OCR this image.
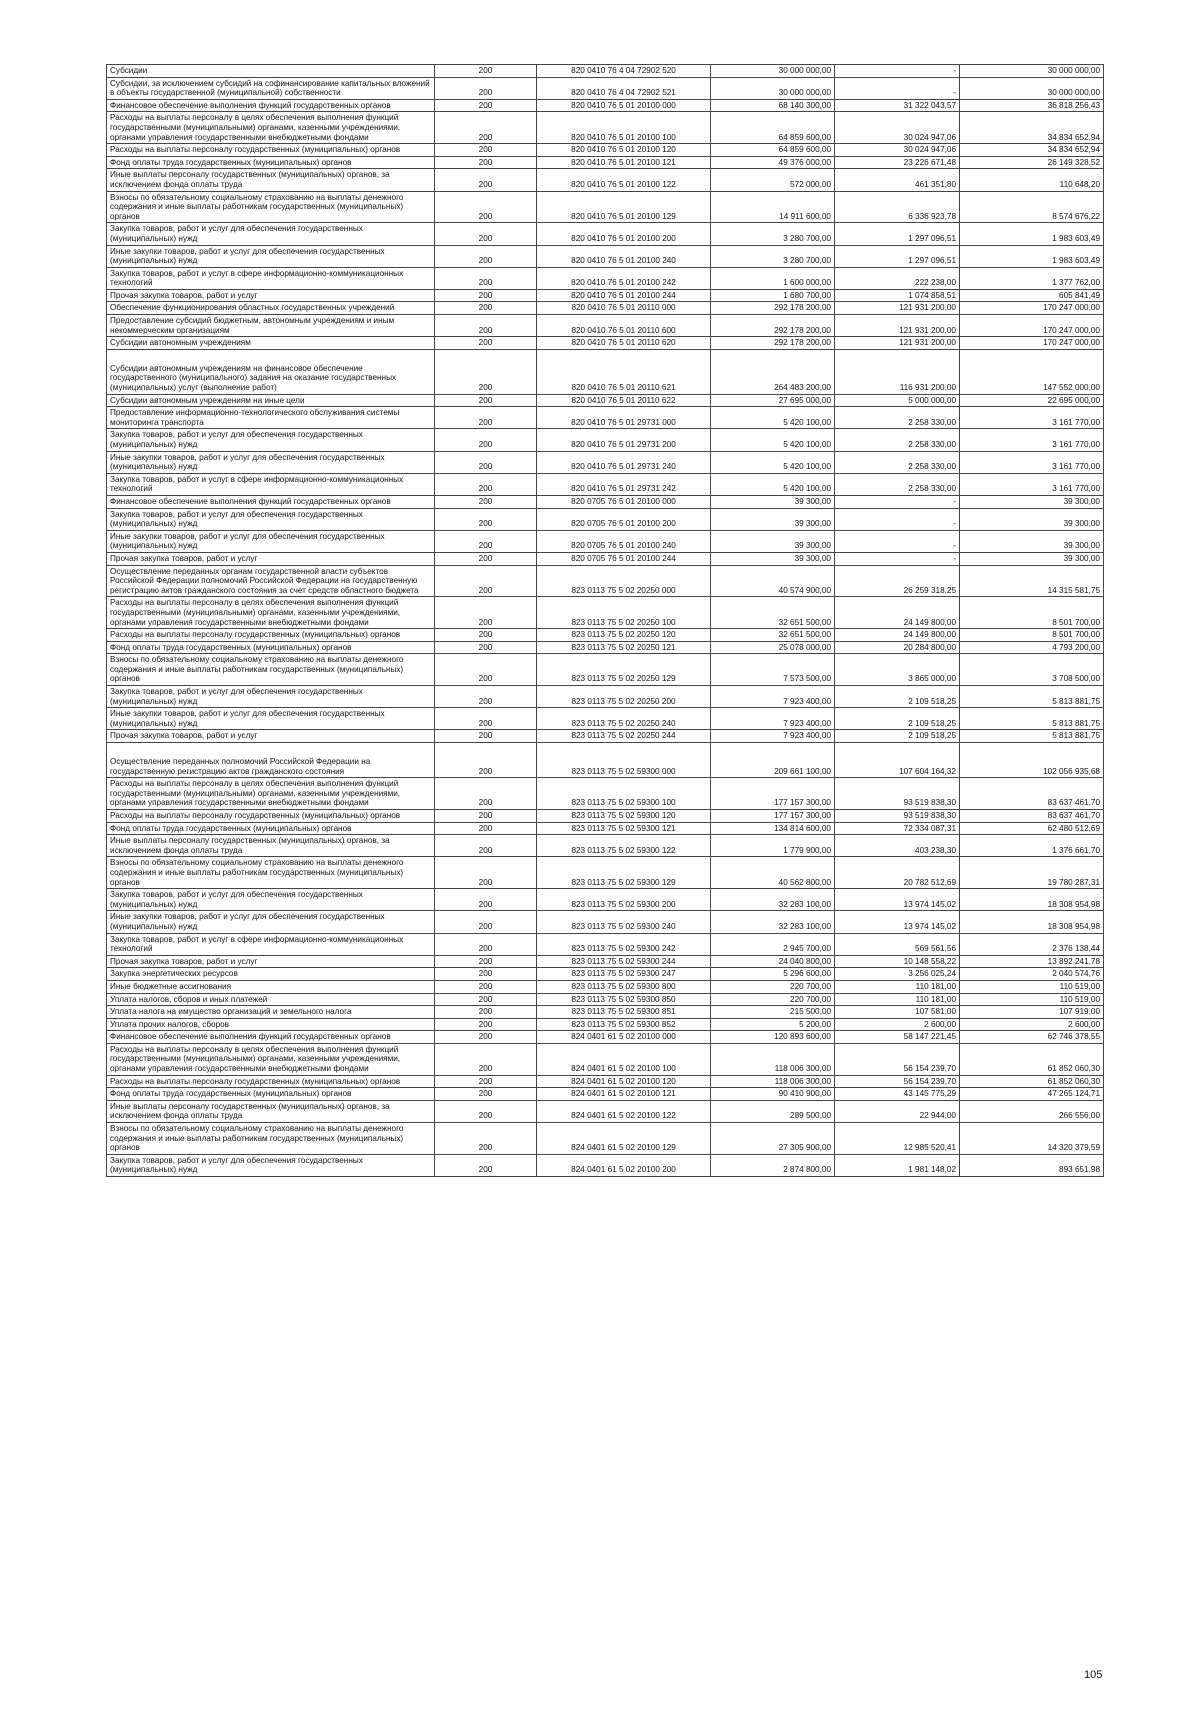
Субсидии	200	820 0410 76 4 04 72902 520	30 000 000,00	-	30 000 000,00
Субсидии, за исключением субсидий на софинансирование капитальных вложений в объекты государственной (муниципальной) собственности	200	820 0410 76 4 04 72902 521	30 000 000,00	-	30 000 000,00
Финансовое обеспечение выполнения функций государственных органов	200	820 0410 76 5 01 20100 000	68 140 300,00	31 322 043,57	36 818 256,43
Расходы на выплаты персоналу в целях обеспечения выполнения функций государственными (муниципальными) органами, казенными учреждениями, органами управления государственными внебюджетными фондами	200	820 0410 76 5 01 20100 100	64 859 600,00	30 024 947,06	34 834 652,94
Расходы на выплаты персоналу государственных (муниципальных) органов	200	820 0410 76 5 01 20100 120	64 859 600,00	30 024 947,06	34 834 652,94
Фонд оплаты труда государственных (муниципальных) органов	200	820 0410 76 5 01 20100 121	49 376 000,00	23 226 671,48	26 149 328,52
Иные выплаты персоналу государственных (муниципальных) органов, за исключением фонда оплаты труда	200	820 0410 76 5 01 20100 122	572 000,00	461 351,80	110 648,20
Взносы по обязательному социальному страхованию на выплаты денежного содержания и иные выплаты работникам государственных (муниципальных) органов	200	820 0410 76 5 01 20100 129	14 911 600,00	6 336 923,78	8 574 676,22
Закупка товаров, работ и услуг для обеспечения государственных (муниципальных) нужд	200	820 0410 76 5 01 20100 200	3 280 700,00	1 297 096,51	1 983 603,49
Иные закупки товаров, работ и услуг для обеспечения государственных (муниципальных) нужд	200	820 0410 76 5 01 20100 240	3 280 700,00	1 297 096,51	1 983 603,49
Закупка товаров, работ и услуг в сфере информационно-коммуникационных технологий	200	820 0410 76 5 01 20100 242	1 600 000,00	222 238,00	1 377 762,00
Прочая закупка товаров, работ и услуг	200	820 0410 76 5 01 20100 244	1 680 700,00	1 074 858,51	605 841,49
Обеспечение функционирования областных государственных учреждений	200	820 0410 76 5 01 20110 000	292 178 200,00	121 931 200,00	170 247 000,00
Предоставление субсидий бюджетным, автономным учреждениям и иным некоммерческим организациям	200	820 0410 76 5 01 20110 600	292 178 200,00	121 931 200,00	170 247 000,00
Субсидии автономным учреждениям	200	820 0410 76 5 01 20110 620	292 178 200,00	121 931 200,00	170 247 000,00
Субсидии автономным учреждениям на финансовое обеспечение государственного (муниципального) задания на оказание государственных (муниципальных) услуг (выполнение работ)	200	820 0410 76 5 01 20110 621	264 483 200,00	116 931 200,00	147 552 000,00
Субсидии автономным учреждениям на иные цели	200	820 0410 76 5 01 20110 622	27 695 000,00	5 000 000,00	22 695 000,00
Предоставление информационно-технологического обслуживания системы мониторинга транспорта	200	820 0410 76 5 01 29731 000	5 420 100,00	2 258 330,00	3 161 770,00
Закупка товаров, работ и услуг для обеспечения государственных (муниципальных) нужд	200	820 0410 76 5 01 29731 200	5 420 100,00	2 258 330,00	3 161 770,00
Иные закупки товаров, работ и услуг для обеспечения государственных (муниципальных) нужд	200	820 0410 76 5 01 29731 240	5 420 100,00	2 258 330,00	3 161 770,00
Закупка товаров, работ и услуг в сфере информационно-коммуникационных технологий	200	820 0410 76 5 01 29731 242	5 420 100,00	2 258 330,00	3 161 770,00
Финансовое обеспечение выполнения функций государственных органов	200	820 0705 76 5 01 20100 000	39 300,00	-	39 300,00
Закупка товаров, работ и услуг для обеспечения государственных (муниципальных) нужд	200	820 0705 76 5 01 20100 200	39 300,00	-	39 300,00
Иные закупки товаров, работ и услуг для обеспечения государственных (муниципальных) нужд	200	820 0705 76 5 01 20100 240	39 300,00	-	39 300,00
Прочая закупка товаров, работ и услуг	200	820 0705 76 5 01 20100 244	39 300,00	-	39 300,00
Осуществление переданных органам государственной власти субъектов Российской Федерации полномочий Российской Федерации на государственную регистрацию актов гражданского состояния за счет средств областного бюджета	200	823 0113 75 5 02 20250 000	40 574 900,00	26 259 318,25	14 315 581,75
Расходы на выплаты персоналу в целях обеспечения выполнения функций государственными (муниципальными) органами, казенными учреждениями, органами управления государственными внебюджетными фондами	200	823 0113 75 5 02 20250 100	32 651 500,00	24 149 800,00	8 501 700,00
Расходы на выплаты персоналу государственных (муниципальных) органов	200	823 0113 75 5 02 20250 120	32 651 500,00	24 149 800,00	8 501 700,00
Фонд оплаты труда государственных (муниципальных) органов	200	823 0113 75 5 02 20250 121	25 078 000,00	20 284 800,00	4 793 200,00
Взносы по обязательному социальному страхованию на выплаты денежного содержания и иные выплаты работникам государственных (муниципальных) органов	200	823 0113 75 5 02 20250 129	7 573 500,00	3 865 000,00	3 708 500,00
Закупка товаров, работ и услуг для обеспечения государственных (муниципальных) нужд	200	823 0113 75 5 02 20250 200	7 923 400,00	2 109 518,25	5 813 881,75
Иные закупки товаров, работ и услуг для обеспечения государственных (муниципальных) нужд	200	823 0113 75 5 02 20250 240	7 923 400,00	2 109 518,25	5 813 881,75
Прочая закупка товаров, работ и услуг	200	823 0113 75 5 02 20250 244	7 923 400,00	2 109 518,25	5 813 881,75
Осуществление переданных полномочий Российской Федерации на государственную регистрацию актов гражданского состояния	200	823 0113 75 5 02 59300 000	209 661 100,00	107 604 164,32	102 056 935,68
Расходы на выплаты персоналу в целях обеспечения выполнения функций государственными (муниципальными) органами, казенными учреждениями, органами управления государственными внебюджетными фондами	200	823 0113 75 5 02 59300 100	177 157 300,00	93 519 838,30	83 637 461,70
Расходы на выплаты персоналу государственных (муниципальных) органов	200	823 0113 75 5 02 59300 120	177 157 300,00	93 519 838,30	83 637 461,70
Фонд оплаты труда государственных (муниципальных) органов	200	823 0113 75 5 02 59300 121	134 814 600,00	72 334 087,31	62 480 512,69
Иные выплаты персоналу государственных (муниципальных) органов, за исключением фонда оплаты труда	200	823 0113 75 5 02 59300 122	1 779 900,00	403 238,30	1 376 661,70
Взносы по обязательному социальному страхованию на выплаты денежного содержания и иные выплаты работникам государственных (муниципальных) органов	200	823 0113 75 5 02 59300 129	40 562 800,00	20 782 512,69	19 780 287,31
Закупка товаров, работ и услуг для обеспечения государственных (муниципальных) нужд	200	823 0113 75 5 02 59300 200	32 283 100,00	13 974 145,02	18 308 954,98
Иные закупки товаров, работ и услуг для обеспечения государственных (муниципальных) нужд	200	823 0113 75 5 02 59300 240	32 283 100,00	13 974 145,02	18 308 954,98
Закупка товаров, работ и услуг в сфере информационно-коммуникационных технологий	200	823 0113 75 5 02 59300 242	2 945 700,00	569 561,56	2 376 138,44
Прочая закупка товаров, работ и услуг	200	823 0113 75 5 02 59300 244	24 040 800,00	10 148 558,22	13 892 241,78
Закупка энергетических ресурсов	200	823 0113 75 5 02 59300 247	5 296 600,00	3 256 025,24	2 040 574,76
Иные бюджетные ассигнования	200	823 0113 75 5 02 59300 800	220 700,00	110 181,00	110 519,00
Уплата налогов, сборов и иных платежей	200	823 0113 75 5 02 59300 850	220 700,00	110 181,00	110 519,00
Уплата налога на имущество организаций и земельного налога	200	823 0113 75 5 02 59300 851	215 500,00	107 581,00	107 919,00
Уплата прочих налогов, сборов	200	823 0113 75 5 02 59300 852	5 200,00	2 600,00	2 600,00
Финансовое обеспечение выполнения функций государственных органов	200	824 0401 61 5 02 20100 000	120 893 600,00	58 147 221,45	62 746 378,55
Расходы на выплаты персоналу в целях обеспечения выполнения функций государственными (муниципальными) органами, казенными учреждениями, органами управления государственными внебюджетными фондами	200	824 0401 61 5 02 20100 100	118 006 300,00	56 154 239,70	61 852 060,30
Расходы на выплаты персоналу государственных (муниципальных) органов	200	824 0401 61 5 02 20100 120	118 006 300,00	56 154 239,70	61 852 060,30
Фонд оплаты труда государственных (муниципальных) органов	200	824 0401 61 5 02 20100 121	90 410 900,00	43 145 775,29	47 265 124,71
Иные выплаты персоналу государственных (муниципальных) органов, за исключением фонда оплаты труда	200	824 0401 61 5 02 20100 122	289 500,00	22 944,00	266 556,00
Взносы по обязательному социальному страхованию на выплаты денежного содержания и иные выплаты работникам государственных (муниципальных) органов	200	824 0401 61 5 02 20100 129	27 305 900,00	12 985 520,41	14 320 379,59
Закупка товаров, работ и услуг для обеспечения государственных (муниципальных) нужд	200	824 0401 61 5 02 20100 200	2 874 800,00	1 981 148,02	893 651,98
105
